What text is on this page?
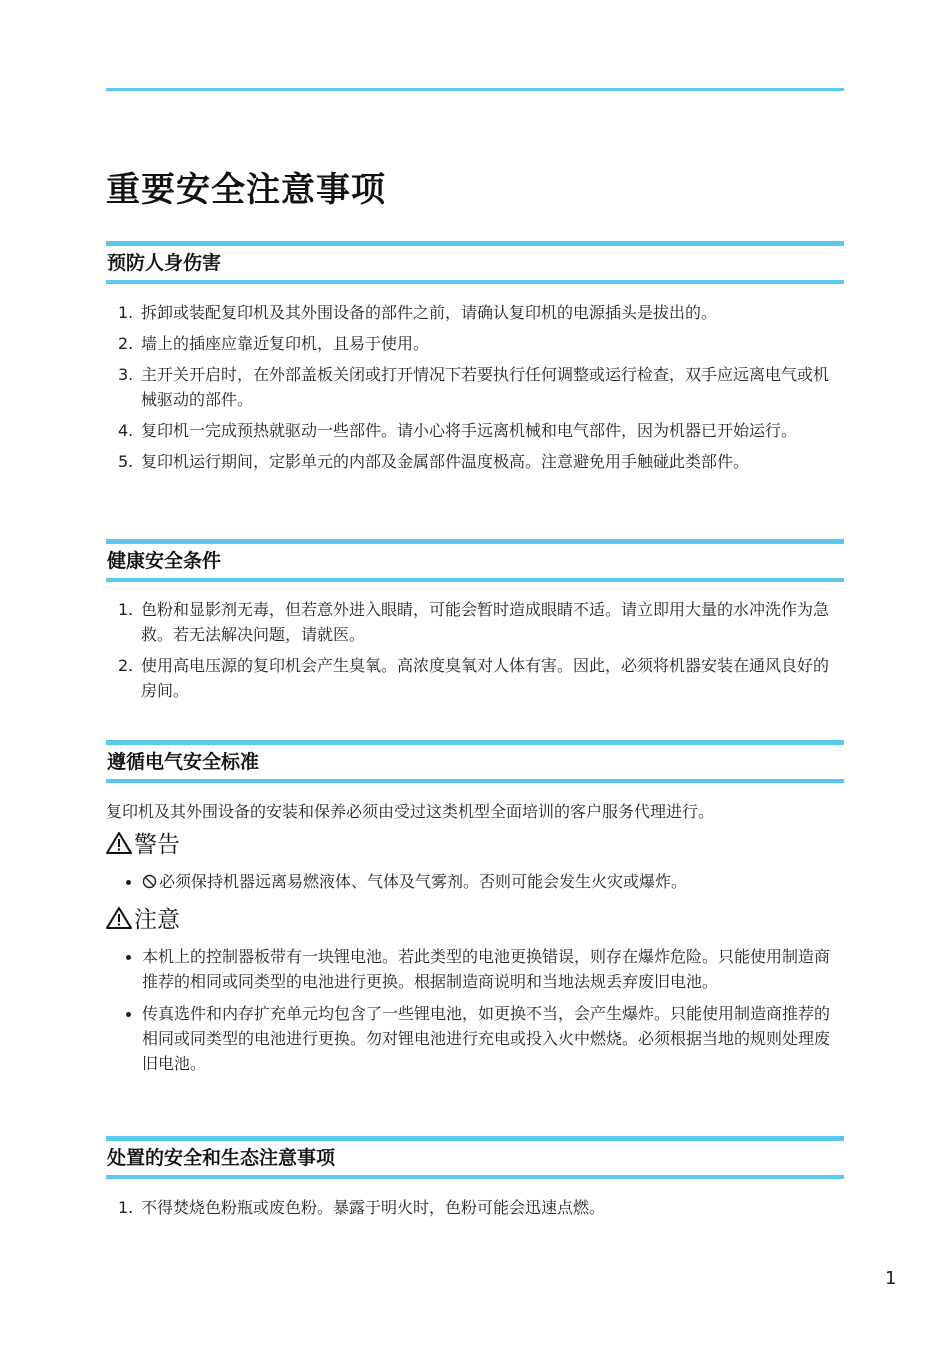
重要安全注意事项
预防人身伤害
1. 拆卸或装配复印机及其外围设备的部件之前，请确认复印机的电源插头是拔出的。
2. 墙上的插座应靠近复印机，且易于使用。
3. 主开关开启时，在外部盖板关闭或打开情况下若要执行任何调整或运行检查，双手应远离电气或机械驱动的部件。
4. 复印机一完成预热就驱动一些部件。请小心将手远离机械和电气部件，因为机器已开始运行。
5. 复印机运行期间，定影单元的内部及金属部件温度极高。注意避免用手触碰此类部件。
健康安全条件
1. 色粉和显影剂无毒，但若意外进入眼睛，可能会暂时造成眼睛不适。请立即用大量的水冲洗作为急救。若无法解决问题，请就医。
2. 使用高电压源的复印机会产生臭氧。高浓度臭氧对人体有害。因此，必须将机器安装在通风良好的房间。
遵循电气安全标准
复印机及其外围设备的安装和保养必须由受过这类机型全面培训的客户服务代理进行。
警告
必须保持机器远离易燃液体、气体及气雾剂。否则可能会发生火灾或爆炸。
注意
本机上的控制器板带有一块锂电池。若此类型的电池更换错误，则存在爆炸危险。只能使用制造商推荐的相同或同类型的电池进行更换。根据制造商说明和当地法规丢弃废旧电池。
传真选件和内存扩充单元均包含了一些锂电池，如更换不当，会产生爆炸。只能使用制造商推荐的相同或同类型的电池进行更换。勿对锂电池进行充电或投入火中燃烧。必须根据当地的规则处理废旧电池。
处置的安全和生态注意事项
1. 不得焚烧色粉瓶或废色粉。暴露于明火时，色粉可能会迅速点燃。
1
